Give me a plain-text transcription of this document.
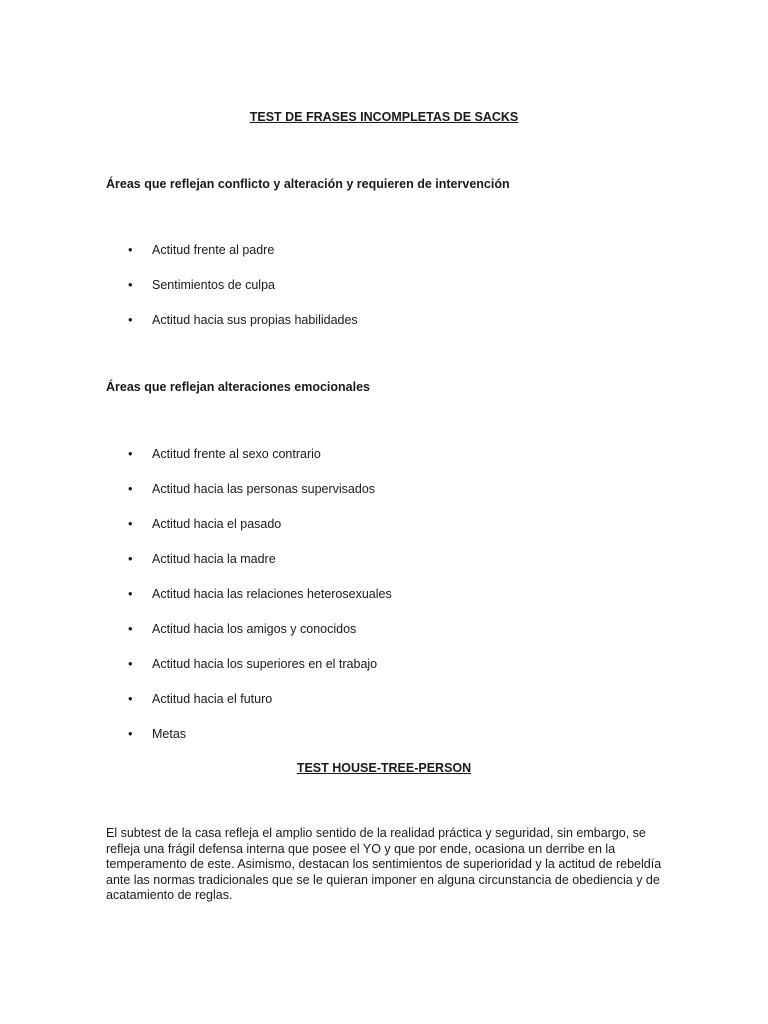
TEST DE FRASES INCOMPLETAS DE SACKS
Áreas que reflejan conflicto y alteración y requieren de intervención
• Actitud frente al padre
• Sentimientos de culpa
• Actitud hacia sus propias habilidades
Áreas que reflejan alteraciones emocionales
• Actitud frente al sexo contrario
• Actitud hacia las personas supervisados
• Actitud hacia el pasado
• Actitud hacia la madre
• Actitud hacia las relaciones heterosexuales
• Actitud hacia los amigos y conocidos
• Actitud hacia los superiores en el trabajo
• Actitud hacia el futuro
• Metas
TEST HOUSE-TREE-PERSON

El subtest de la casa refleja el amplio sentido de la realidad práctica y seguridad, sin embargo, se refleja una frágil defensa interna que posee el YO y que por ende, ocasiona un derribe en la temperamento de este. Asimismo, destacan los sentimientos de superioridad y la actitud de rebeldía ante las normas tradicionales que se le quieran imponer en alguna circunstancia de obediencia y de acatamiento de reglas.
